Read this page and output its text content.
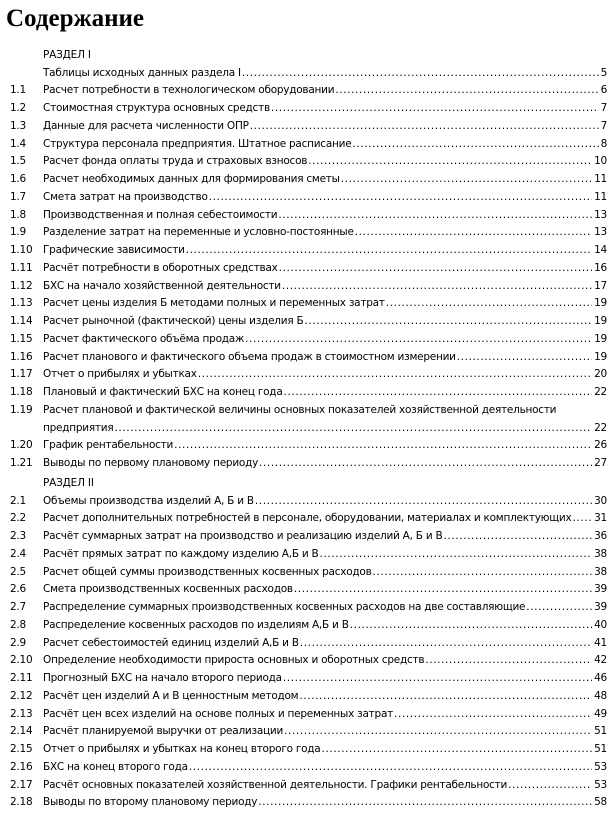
Содержание
РАЗДЕЛ I
Таблицы исходных данных раздела I .....	5
1.1 Расчет потребности в технологическом оборудовании .....	6
1.2 Стоимостная структура основных средств .....	7
1.3 Данные для расчета численности ОПР .....	7
1.4 Структура персонала предприятия. Штатное расписание .....	8
1.5 Расчет фонда оплаты труда и страховых взносов .....	10
1.6 Расчет необходимых данных для формирования сметы .....	11
1.7 Смета затрат на производство .....	11
1.8 Производственная и полная себестоимости .....	13
1.9 Разделение затрат на переменные и условно-постоянные .....	13
1.10 Графические зависимости .....	14
1.11 Расчёт потребности в оборотных средствах .....	16
1.12 БХС на начало хозяйственной деятельности .....	17
1.13 Расчет цены изделия Б методами полных и переменных затрат .....	19
1.14 Расчет рыночной (фактической) цены изделия Б .....	19
1.15 Расчет фактического объёма продаж .....	19
1.16 Расчет планового и фактического объема продаж в стоимостном измерении .....	19
1.17 Отчет о прибылях и убытках .....	20
1.18 Плановый и фактический БХС на конец года .....	22
1.19 Расчет плановой и фактической величины основных показателей хозяйственной деятельности
предприятия .....	22
1.20 График рентабельности .....	26
1.21 Выводы по первому плановому периоду .....	27
РАЗДЕЛ II
2.1 Объемы производства изделий А, Б и В .....	30
2.2 Расчет дополнительных потребностей в персонале, оборудовании, материалах и комплектующих ..... 31
2.3 Расчёт суммарных затрат на производство и реализацию изделий А, Б и В .....	36
2.4 Расчёт прямых затрат по каждому изделию А,Б и В .....	38
2.5 Расчет общей суммы производственных косвенных расходов .....	38
2.6 Смета производственных косвенных расходов .....	39
2.7 Распределение суммарных производственных косвенных расходов на две составляющие .....	39
2.8 Распределение косвенных расходов по изделиям А,Б и В .....	40
2.9 Расчет себестоимостей единиц изделий А,Б и В .....	41
2.10 Определение необходимости прироста основных и оборотных средств .....	42
2.11 Прогнозный БХС на начало второго периода .....	46
2.12 Расчёт цен изделий А и В ценностным методом .....	48
2.13 Расчёт цен всех изделий на основе полных и переменных затрат .....	49
2.14 Расчёт планируемой выручки от реализации .....	51
2.15 Отчет о прибылях и убытках на конец второго года .....	51
2.16 БХС на конец второго года .....	53
2.17 Расчёт основных показателей хозяйственной деятельности. Графики рентабельности .....	53
2.18 Выводы по второму плановому периоду .....	58
